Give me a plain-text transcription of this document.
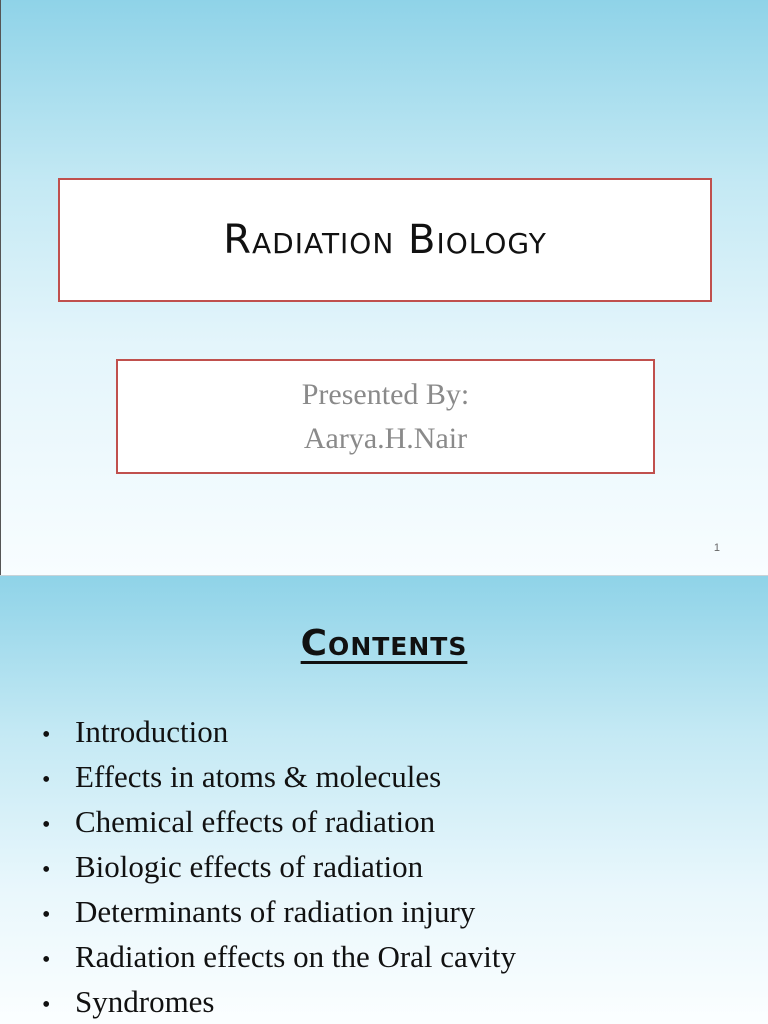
Radiation Biology
Presented By:
Aarya.H.Nair
1
Contents
• Introduction
• Effects in atoms & molecules
• Chemical effects of radiation
• Biologic effects of radiation
• Determinants of radiation injury
• Radiation effects on the Oral cavity
• Syndromes
